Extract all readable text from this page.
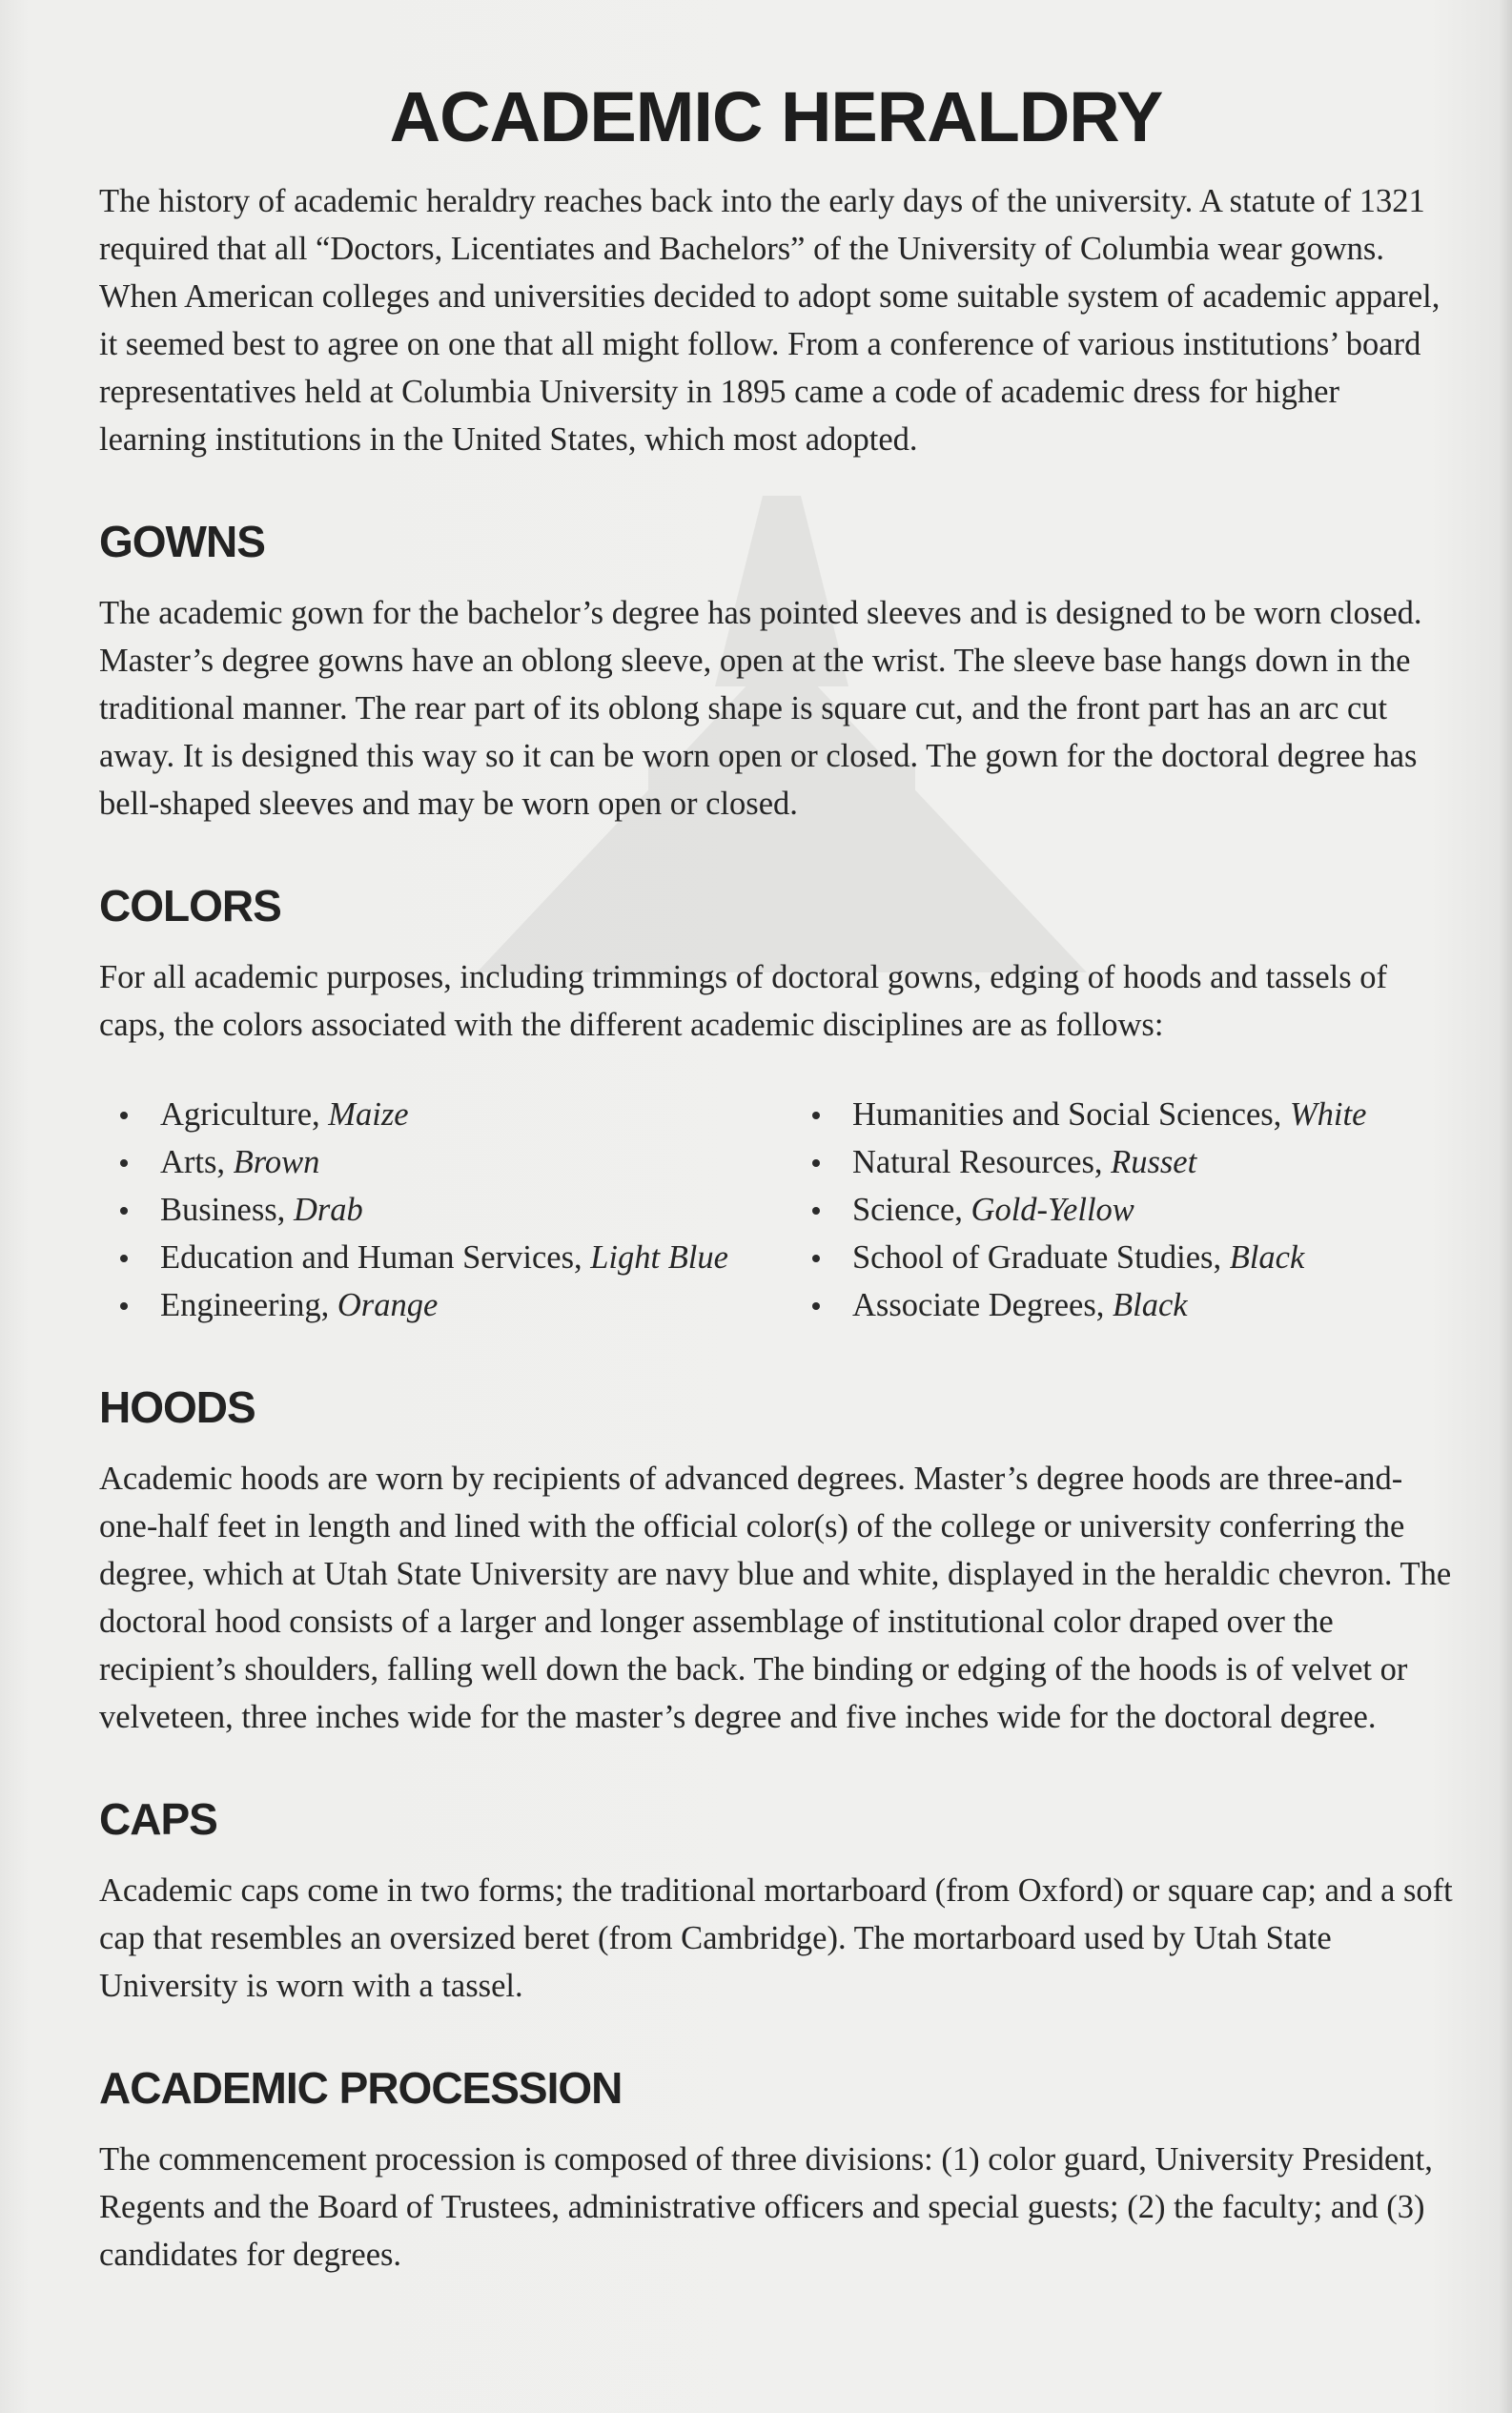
ACADEMIC HERALDRY

The history of academic heraldry reaches back into the early days of the university. A statute of 1321 required that all “Doctors, Licentiates and Bachelors” of the University of Columbia wear gowns. When American colleges and universities decided to adopt some suitable system of academic apparel, it seemed best to agree on one that all might follow. From a conference of various institutions’ board representatives held at Columbia University in 1895 came a code of academic dress for higher learning institutions in the United States, which most adopted.

GOWNS

The academic gown for the bachelor’s degree has pointed sleeves and is designed to be worn closed. Master’s degree gowns have an oblong sleeve, open at the wrist. The sleeve base hangs down in the traditional manner. The rear part of its oblong shape is square cut, and the front part has an arc cut away. It is designed this way so it can be worn open or closed. The gown for the doctoral degree has bell-shaped sleeves and may be worn open or closed.

COLORS

For all academic purposes, including trimmings of doctoral gowns, edging of hoods and tassels of caps, the colors associated with the different academic disciplines are as follows:

Agriculture, Maize
Arts, Brown
Business, Drab
Education and Human Services, Light Blue
Engineering, Orange
Humanities and Social Sciences, White
Natural Resources, Russet
Science, Gold-Yellow
School of Graduate Studies, Black
Associate Degrees, Black
HOODS

Academic hoods are worn by recipients of advanced degrees. Master’s degree hoods are three-and-one-half feet in length and lined with the official color(s) of the college or university conferring the degree, which at Utah State University are navy blue and white, displayed in the heraldic chevron. The doctoral hood consists of a larger and longer assemblage of institutional color draped over the recipient’s shoulders, falling well down the back. The binding or edging of the hoods is of velvet or velveteen, three inches wide for the master’s degree and five inches wide for the doctoral degree.

CAPS

Academic caps come in two forms; the traditional mortarboard (from Oxford) or square cap; and a soft cap that resembles an oversized beret (from Cambridge). The mortarboard used by Utah State University is worn with a tassel.

ACADEMIC PROCESSION

The commencement procession is composed of three divisions: (1) color guard, University President, Regents and the Board of Trustees, administrative officers and special guests; (2) the faculty; and (3) candidates for degrees.
